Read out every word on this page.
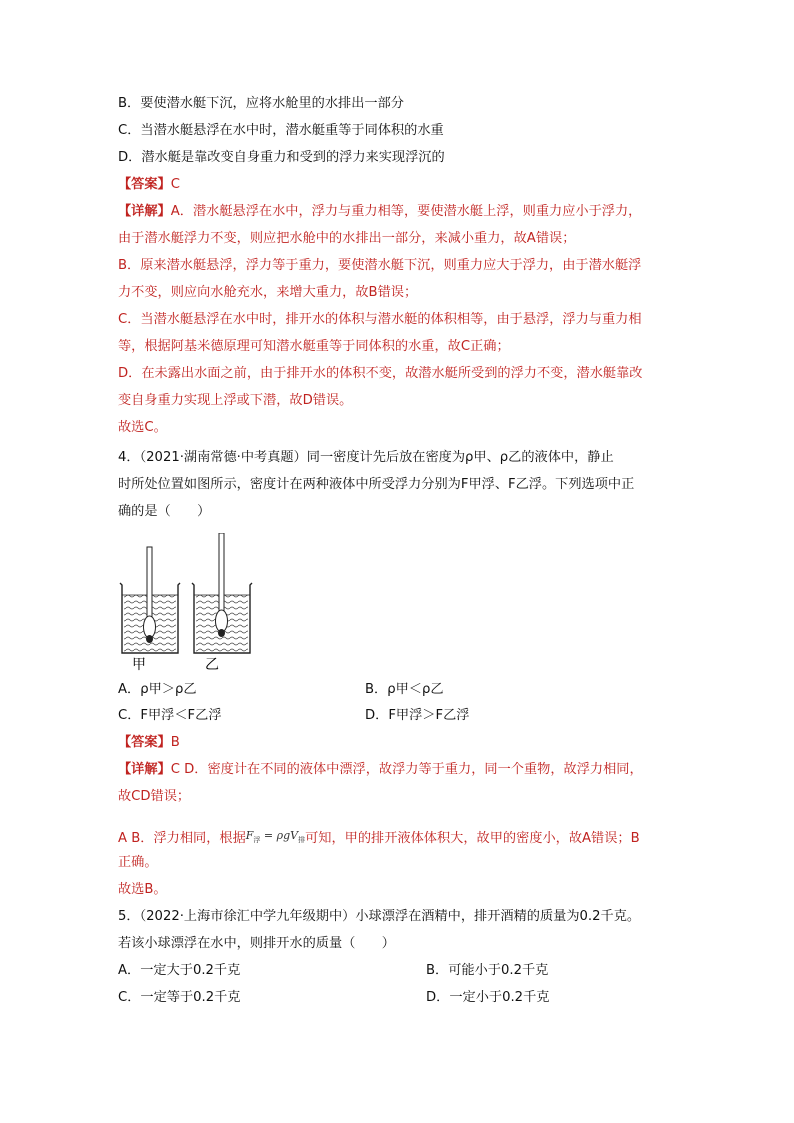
B．要使潜水艇下沉，应将水舱里的水排出一部分
C．当潜水艇悬浮在水中时，潜水艇重等于同体积的水重
D．潜水艇是靠改变自身重力和受到的浮力来实现浮沉的
【答案】C
【详解】A．潜水艇悬浮在水中，浮力与重力相等，要使潜水艇上浮，则重力应小于浮力，
由于潜水艇浮力不变，则应把水舱中的水排出一部分，来减小重力，故A错误；
B．原来潜水艇悬浮，浮力等于重力，要使潜水艇下沉，则重力应大于浮力，由于潜水艇浮
力不变，则应向水舱充水，来增大重力，故B错误；
C．当潜水艇悬浮在水中时，排开水的体积与潜水艇的体积相等，由于悬浮，浮力与重力相
等，根据阿基米德原理可知潜水艇重等于同体积的水重，故C正确；
D．在未露出水面之前，由于排开水的体积不变，故潜水艇所受到的浮力不变，潜水艇靠改
变自身重力实现上浮或下潜，故D错误。
故选C。
4．（2021·湖南常德·中考真题）同一密度计先后放在密度为ρ甲、ρ乙的液体中，静止
时所处位置如图所示，密度计在两种液体中所受浮力分别为F甲浮、F乙浮。下列选项中正
确的是（　　）
甲	乙
A．ρ甲＞ρ乙	B．ρ甲＜ρ乙
C．F甲浮＜F乙浮	D．F甲浮＞F乙浮
【答案】B
【详解】C D．密度计在不同的液体中漂浮，故浮力等于重力，同一个重物，故浮力相同，
故CD错误；
A B．浮力相同，根据$F_浮 = \rho gV_排$可知，甲的排开液体体积大，故甲的密度小，故A错误；B
正确。
故选B。
5．（2022·上海市徐汇中学九年级期中）小球漂浮在酒精中，排开酒精的质量为0.2千克。
若该小球漂浮在水中，则排开水的质量（　　）
A．一定大于0.2千克	B．可能小于0.2千克
C．一定等于0.2千克	D．一定小于0.2千克
